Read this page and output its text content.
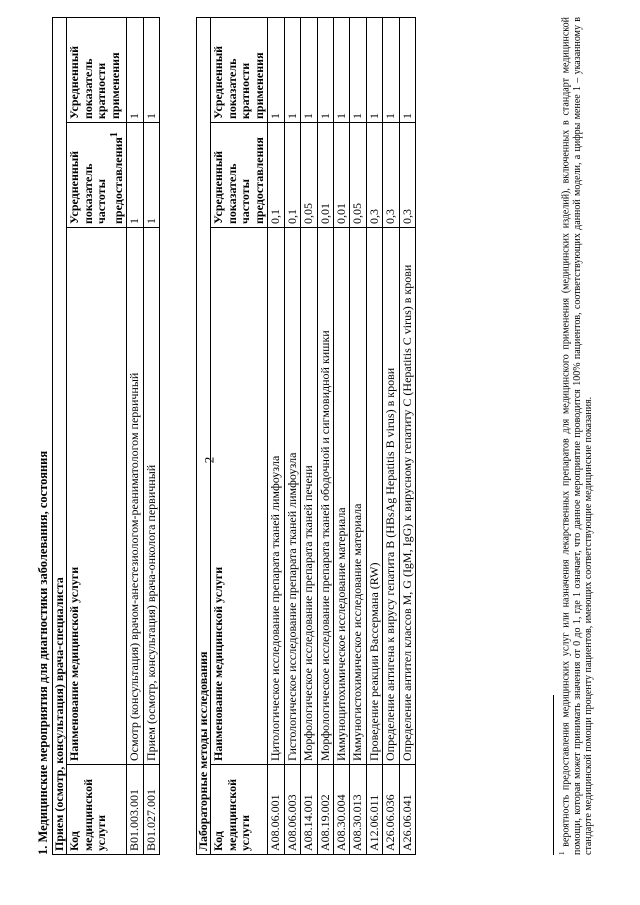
2
1. Медицинские мероприятия для диагностики заболевания, состояния Прием (осмотр, консультация) врача-специалиста			
Код медицинской услуги	Наименование медицинской услуги	Усредненный показатель частоты предоставления$^1$	Усредненный показатель кратности применения
B01.003.001	Осмотр (консультация) врачом-анестезиологом-реаниматологом первичный	1	1
B01.027.001	Прием (осмотр, консультация) врача-онколога первичный	1	1
Лабораторные методы исследования			
Код медицинской услуги	Наименование медицинской услуги	Усредненный показатель частоты предоставления	Усредненный показатель кратности применения
A08.06.001	Цитологическое исследование препарата тканей лимфоузла	0,1	1
A08.06.003	Гистологическое исследование препарата тканей лимфоузла	0,1	1
A08.14.001	Морфологическое исследование препарата тканей печени	0,05	1
A08.19.002	Морфологическое исследование препарата тканей ободочной и сигмовидной кишки	0,01	1
A08.30.004	Иммуноцитохимическое исследование материала	0,01	1
A08.30.013	Иммуногистохимическое исследование материала	0,05	1
A12.06.011	Проведение реакции Вассермана (RW)	0,3	1
A26.06.036	Определение антигена к вирусу гепатита B (HBsAg Hepatitis B virus) в крови	0,3	1
A26.06.041	Определение антител классов M, G (IgM, IgG) к вирусному гепатиту C (Hepatitis C virus) в крови	0,3	1
$^1$ вероятность предоставления медицинских услуг или назначения лекарственных препаратов для медицинского применения (медицинских изделий), включенных в стандарт медицинской помощи, которая может принимать значения от 0 до 1, где 1 означает, что данное мероприятие проводится 100% пациентов, соответствующих данной модели, а цифры менее 1 – указанному в стандарте медицинской помощи проценту пациентов, имеющих соответствующие медицинские показания.
